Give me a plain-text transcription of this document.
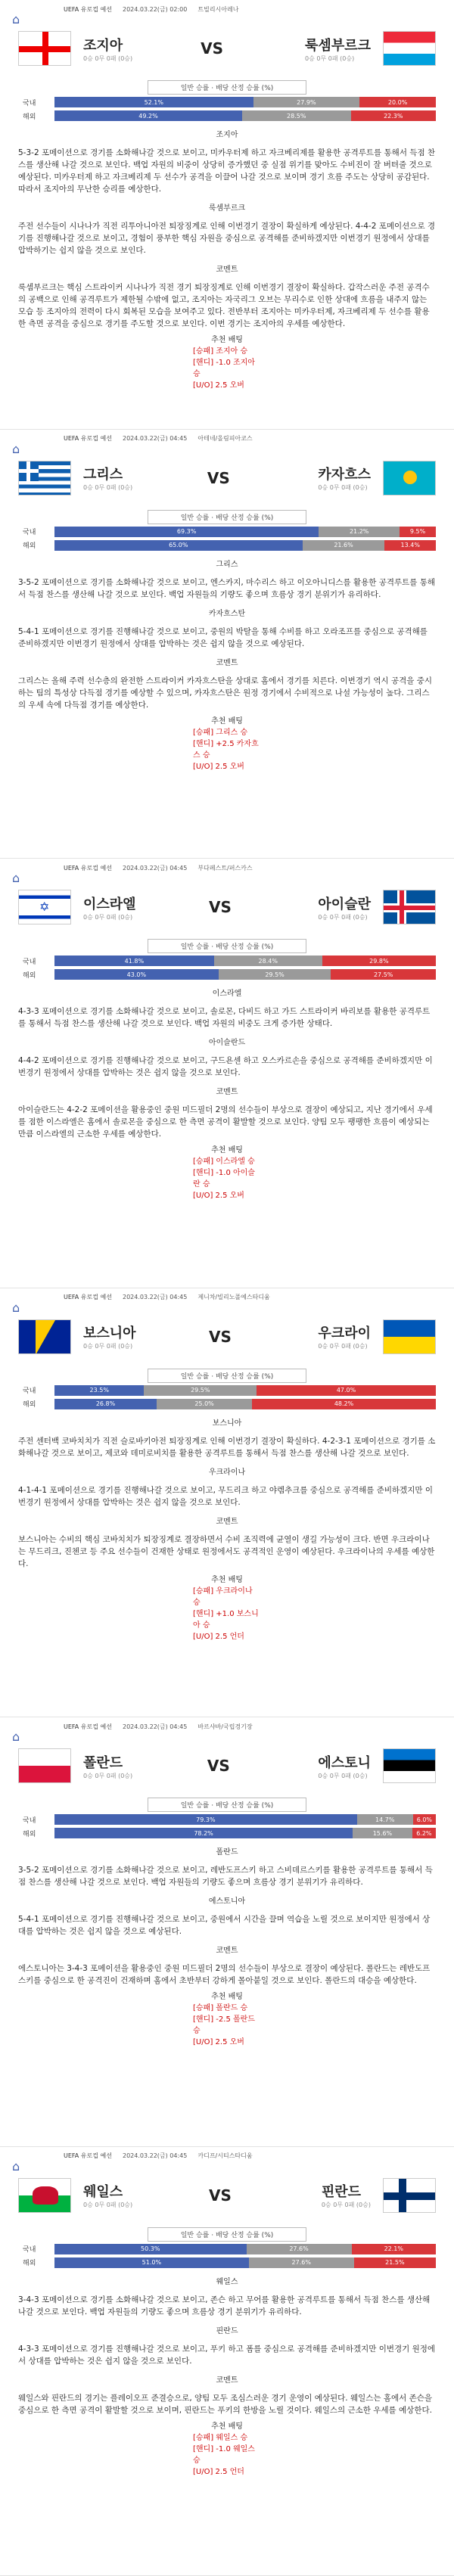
⌂
UEFA 유로컵 예선 2024.03.22(금) 02:00 트빌리시아레나
조지아
0승 0무 0패 (0승)
VS	룩셈부르크
0승 0무 0패 (0승)
일반 승률 · 배당 산정 승률 (%)
국내	52.1%	27.9%	20.0%
해외	49.2%	28.5%	22.3%
조지아

5-3-2 포메이션으로 경기를 소화해나갈 것으로 보이고, 미카우터제 하고 자크베리제를 활용한 공격루트를 통해서 득점 찬스를 생산해 나갈 것으로 보인다. 백업 자원의 비중이 상당히 증가했던 중 실점 위기를 맞아도 수비진이 잘 버텨줄 것으로 예상된다. 미카우터제 하고 자크베리제 두 선수가 공격을 이끌어 나갈 것으로 보이며 경기 흐름 주도는 상당히 공감된다. 따라서 조지아의 무난한 승리를 예상한다.

룩셈부르크

주전 선수들이 시나나가 직전 리투아니아전 퇴장징계로 인해 이번경기 결장이 확실하게 예상된다. 4-4-2 포메이션으로 경기를 진행해나갈 것으로 보이고, 경험이 풍부한 핵심 자원을 중심으로 공격해를 준비하겠지만 이번경기 원정에서 상대를 압박하기는 쉽지 않을 것으로 보인다.

코멘트

룩셈부르크는 핵심 스트라이커 시나나가 직전 경기 퇴장징계로 인해 이번경기 결장이 확실하다. 갑작스러운 주전 공격수의 공백으로 인해 공격루트가 제한될 수밖에 없고, 조지아는 자국리그 오브는 무리수로 인한 상대에 흐름을 내주지 않는 모습 등 조지아의 전력이 다시 회복된 모습을 보여주고 있다. 전반부터 조지아는 미카우터제, 자크베리제 두 선수를 활용한 측면 공격을 중심으로 경기를 주도할 것으로 보인다. 이번 경기는 조지아의 우세를 예상한다.

추천 배팅
[승패] 조지아 승
[핸디] -1.0 조지아 승
[U/O] 2.5 오버
⌂
UEFA 유로컵 예선 2024.03.22(금) 04:45 아테네/올림피아코스
그리스
0승 0무 0패 (0승)
VS	카자흐스
0승 0무 0패 (0승)
일반 승률 · 배당 산정 승률 (%)
국내	69.3%	21.2%	9.5%
해외	65.0%	21.6%	13.4%
그리스

3-5-2 포메이션으로 경기를 소화해나갈 것으로 보이고, 엔스카지, 마수리스 하고 이오아니디스를 활용한 공격루트를 통해서 득점 찬스를 생산해 나갈 것으로 보인다. 백업 자원들의 기량도 좋으며 흐름상 경기 분위기가 유리하다.

카자흐스탄

5-4-1 포메이션으로 경기를 진행해나갈 것으로 보이고, 중원의 박탈을 통해 수비를 하고 오라조프를 중심으로 공격해를 준비하겠지만 이번경기 원정에서 상대를 압박하는 것은 쉽지 않을 것으로 예상된다.

코멘트

그리스는 올해 주력 선수층의 완전한 스트라이커 카자흐스탄을 상대로 홈에서 경기를 치른다. 이번경기 역시 공격을 중시하는 팀의 특성상 다득점 경기를 예상할 수 있으며, 카자흐스탄은 원정 경기에서 수비적으로 나설 가능성이 높다. 그리스의 우세 속에 다득점 경기를 예상한다.

추천 배팅
[승패] 그리스 승
[핸디] +2.5 카자흐스 승
[U/O] 2.5 오버
⌂
UEFA 유로컵 예선 2024.03.22(금) 04:45 부다페스트/퍼스카스
✡ 이스라엘
0승 0무 0패 (0승)
VS	아이슬란
0승 0무 0패 (0승)
일반 승률 · 배당 산정 승률 (%)
국내	41.8%	28.4%	29.8%
해외	43.0%	29.5%	27.5%
이스라엘

4-3-3 포메이션으로 경기를 소화해나갈 것으로 보이고, 솔로몬, 다비드 하고 가드 스트라이커 바리보를 활용한 공격루트를 통해서 득점 찬스를 생산해 나갈 것으로 보인다. 백업 자원의 비중도 크게 증가한 상태다.

아이슬란드

4-4-2 포메이션으로 경기를 진행해나갈 것으로 보이고, 구드욘센 하고 오스카르손을 중심으로 공격해를 준비하겠지만 이번경기 원정에서 상대를 압박하는 것은 쉽지 않을 것으로 보인다.

코멘트

아이슬란드는 4-2-2 포메이션을 활용중인 중원 미드필더 2명의 선수들이 부상으로 결장이 예상되고, 지난 경기에서 우세를 점한 이스라엘은 홈에서 솔로몬을 중심으로 한 측면 공격이 활발할 것으로 보인다. 양팀 모두 팽팽한 흐름이 예상되는 만큼 이스라엘의 근소한 우세를 예상한다.

추천 배팅
[승패] 이스라엘 승
[핸디] -1.0 아이슬란 승
[U/O] 2.5 오버
⌂
UEFA 유로컵 예선 2024.03.22(금) 04:45 제니차/빌리노폴예스타디움
보스니아
0승 0무 0패 (0승)
VS	우크라이
0승 0무 0패 (0승)
일반 승률 · 배당 산정 승률 (%)
국내	23.5%	29.5%	47.0%
해외	26.8%	25.0%	48.2%
보스니아

주전 센터백 코바치치가 직전 슬로바키아전 퇴장징계로 인해 이번경기 결장이 확실하다. 4-2-3-1 포메이션으로 경기를 소화해나갈 것으로 보이고, 제코와 데미로비치를 활용한 공격루트를 통해서 득점 찬스를 생산해 나갈 것으로 보인다.

우크라이나

4-1-4-1 포메이션으로 경기를 진행해나갈 것으로 보이고, 무드리크 하고 야렘추크를 중심으로 공격해를 준비하겠지만 이번경기 원정에서 상대를 압박하는 것은 쉽지 않을 것으로 보인다.

코멘트

보스니아는 수비의 핵심 코바치치가 퇴장징계로 결장하면서 수비 조직력에 균열이 생길 가능성이 크다. 반면 우크라이나는 무드리크, 진첸코 등 주요 선수들이 건재한 상태로 원정에서도 공격적인 운영이 예상된다. 우크라이나의 우세를 예상한다.

추천 배팅
[승패] 우크라이나 승
[핸디] +1.0 보스니아 승
[U/O] 2.5 언더
⌂
UEFA 유로컵 예선 2024.03.22(금) 04:45 바르샤바/국립경기장
폴란드
0승 0무 0패 (0승)
VS	에스토니
0승 0무 0패 (0승)
일반 승률 · 배당 산정 승률 (%)
국내	79.3%	14.7%	6.0%
해외	78.2%	15.6%	6.2%
폴란드

3-5-2 포메이션으로 경기를 소화해나갈 것으로 보이고, 레반도프스키 하고 스비데르스키를 활용한 공격루트를 통해서 득점 찬스를 생산해 나갈 것으로 보인다. 백업 자원들의 기량도 좋으며 흐름상 경기 분위기가 유리하다.

에스토니아

5-4-1 포메이션으로 경기를 진행해나갈 것으로 보이고, 중원에서 시간을 끌며 역습을 노릴 것으로 보이지만 원정에서 상대를 압박하는 것은 쉽지 않을 것으로 예상된다.

코멘트

에스토니아는 3-4-3 포메이션을 활용중인 중원 미드필더 2명의 선수들이 부상으로 결장이 예상된다. 폴란드는 레반도프스키를 중심으로 한 공격진이 건재하며 홈에서 초반부터 강하게 몰아붙일 것으로 보인다. 폴란드의 대승을 예상한다.

추천 배팅
[승패] 폴란드 승
[핸디] -2.5 폴란드 승
[U/O] 2.5 오버
⌂
UEFA 유로컵 예선 2024.03.22(금) 04:45 카디프/시티스타디움
웨일스
0승 0무 0패 (0승)
VS	핀란드
0승 0무 0패 (0승)
일반 승률 · 배당 산정 승률 (%)
국내	50.3%	27.6%	22.1%
해외	51.0%	27.6%	21.5%
웨일스

3-4-3 포메이션으로 경기를 소화해나갈 것으로 보이고, 존슨 하고 무어를 활용한 공격루트를 통해서 득점 찬스를 생산해 나갈 것으로 보인다. 백업 자원들의 기량도 좋으며 흐름상 경기 분위기가 유리하다.

핀란드

4-3-3 포메이션으로 경기를 진행해나갈 것으로 보이고, 푸키 하고 폼를 중심으로 공격해를 준비하겠지만 이번경기 원정에서 상대를 압박하는 것은 쉽지 않을 것으로 보인다.

코멘트

웨일스와 핀란드의 경기는 플레이오프 준결승으로, 양팀 모두 조심스러운 경기 운영이 예상된다. 웨일스는 홈에서 존슨을 중심으로 한 측면 공격이 활발할 것으로 보이며, 핀란드는 푸키의 한방을 노릴 것이다. 웨일스의 근소한 우세를 예상한다.

추천 배팅
[승패] 웨일스 승
[핸디] -1.0 웨일스 승
[U/O] 2.5 언더
